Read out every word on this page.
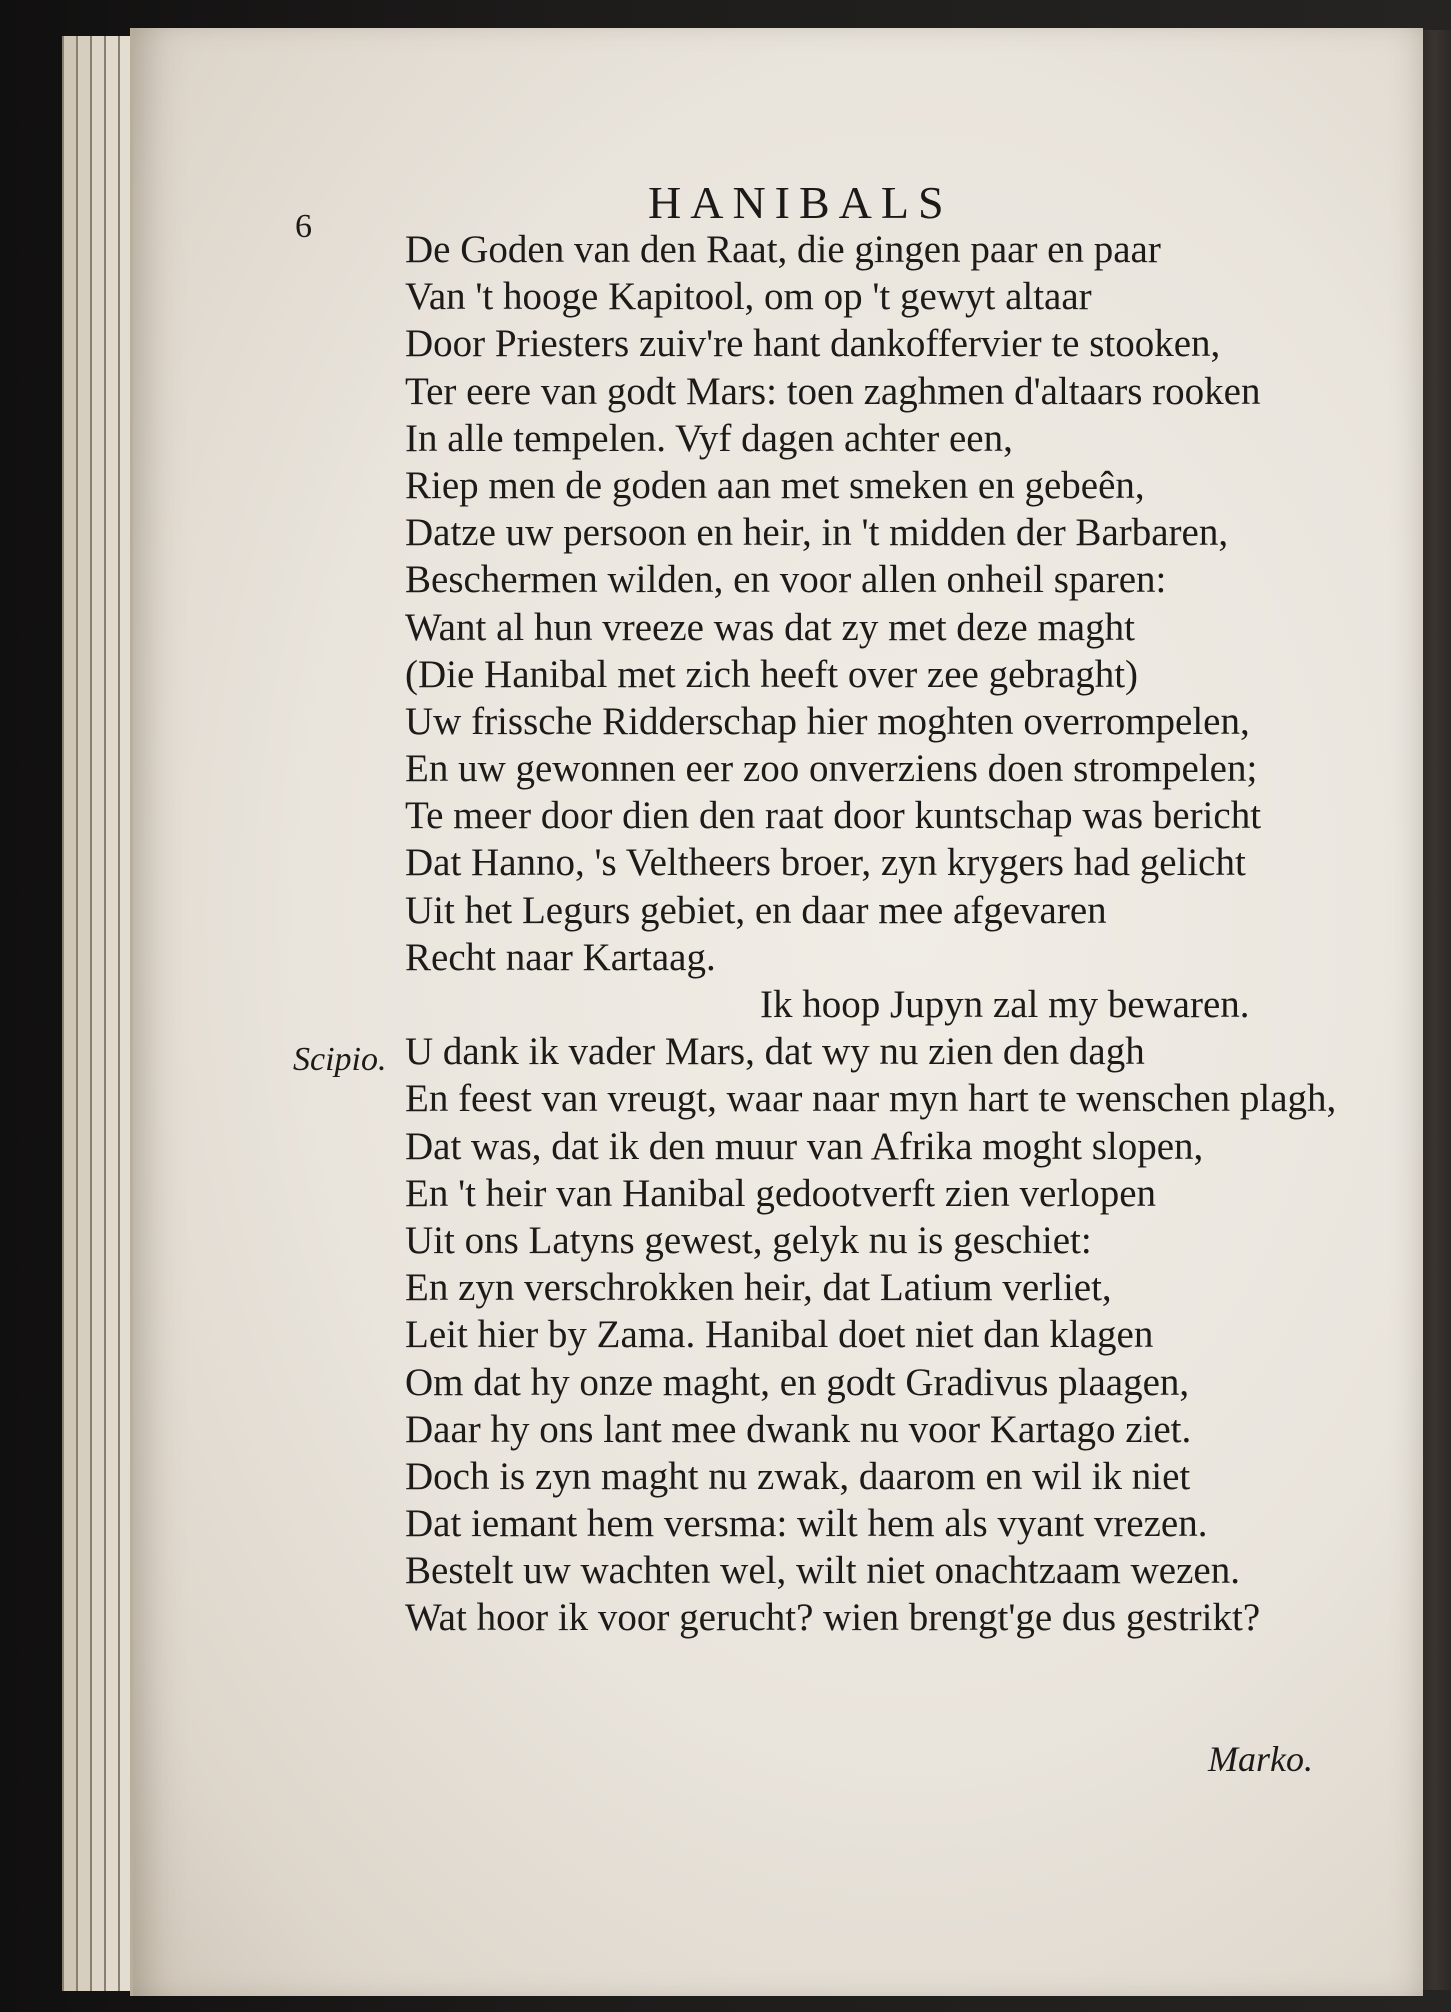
6	HANIBALS
De Goden van den Raat, die gingen paar en paar
Van 't hooge Kapitool, om op 't gewyt altaar
Door Priesters zuiv're hant dankoffervier te stooken,
Ter eere van godt Mars: toen zaghmen d'altaars rooken
In alle tempelen. Vyf dagen achter een,
Riep men de goden aan met smeken en gebeên,
Datze uw persoon en heir, in 't midden der Barbaren,
Beschermen wilden, en voor allen onheil sparen:
Want al hun vreeze was dat zy met deze maght
(Die Hanibal met zich heeft over zee gebraght)
Uw frissche Ridderschap hier moghten overrompelen,
En uw gewonnen eer zoo onverziens doen strompelen;
Te meer door dien den raat door kuntschap was bericht
Dat Hanno, 's Veltheers broer, zyn krygers had gelicht
Uit het Legurs gebiet, en daar mee afgevaren
Recht naar Kartaag.
Ik hoop Jupyn zal my bewaren.
U dank ik vader Mars, dat wy nu zien den dagh
En feest van vreugt, waar naar myn hart te wenschen plagh,
Dat was, dat ik den muur van Afrika moght slopen,
En 't heir van Hanibal gedootverft zien verlopen
Uit ons Latyns gewest, gelyk nu is geschiet:
En zyn verschrokken heir, dat Latium verliet,
Leit hier by Zama. Hanibal doet niet dan klagen
Om dat hy onze maght, en godt Gradivus plaagen,
Daar hy ons lant mee dwank nu voor Kartago ziet.
Doch is zyn maght nu zwak, daarom en wil ik niet
Dat iemant hem versma: wilt hem als vyant vrezen.
Bestelt uw wachten wel, wilt niet onachtzaam wezen.
Wat hoor ik voor gerucht? wien brengt'ge dus gestrikt?
Scipio.
Marko.
